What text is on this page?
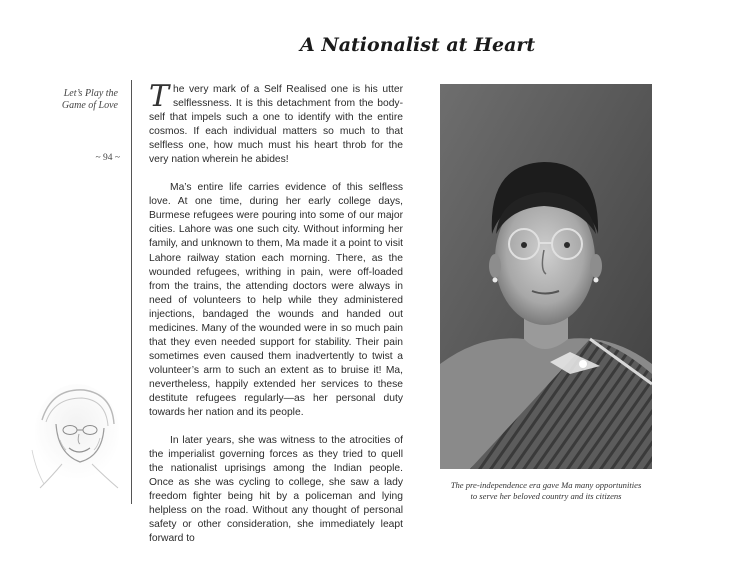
A Nationalist at Heart
Let’s Play the
Game of Love
~ 94 ~

The very mark of a Self Realised one is his utter selflessness. It is this detachment from the body-self that impels such a one to identify with the entire cosmos. If each individual matters so much to that selfless one, how much must his heart throb for the very nation wherein he abides!

Ma’s entire life carries evidence of this selfless love. At one time, during her early college days, Burmese refugees were pouring into some of our major cities. Lahore was one such city. Without informing her family, and unknown to them, Ma made it a point to visit Lahore railway station each morning. There, as the wounded refugees, writhing in pain, were off-loaded from the trains, the attending doctors were always in need of volunteers to help while they administered injections, bandaged the wounds and handed out medicines. Many of the wounded were in so much pain that they even needed support for stability. Their pain sometimes even caused them inadvertently to twist a volunteer’s arm to such an extent as to bruise it! Ma, nevertheless, happily extended her services to these destitute refugees regularly—as her personal duty towards her nation and its people.

In later years, she was witness to the atrocities of the imperialist governing forces as they tried to quell the nationalist uprisings among the Indian people. Once as she was cycling to college, she saw a lady freedom fighter being hit by a policeman and lying helpless on the road. Without any thought of personal safety or other consideration, she immediately leapt forward to

The pre-independence era gave Ma many opportunities
to serve her beloved country and its citizens
